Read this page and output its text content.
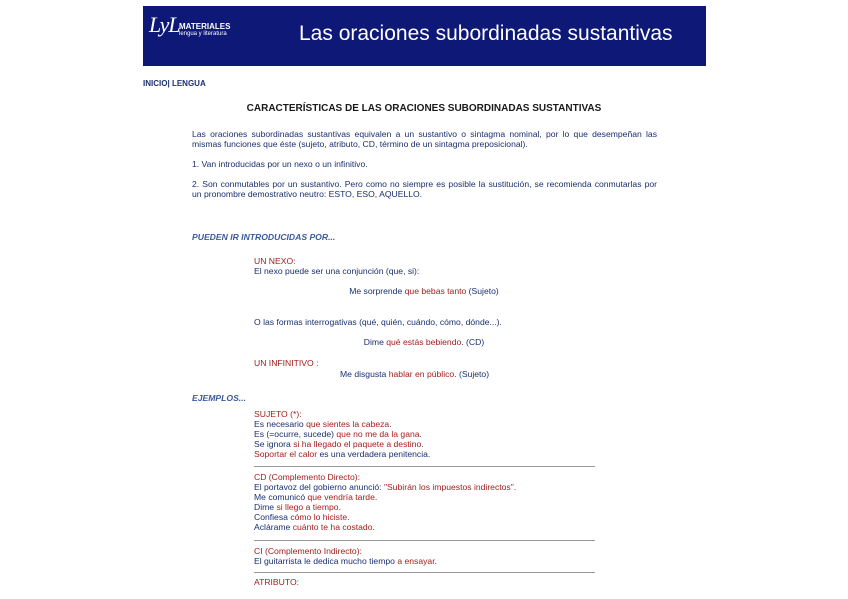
LyL MATERIALES
lengua y literatura	Las oraciones subordinadas sustantivas
INICIO| LENGUA
CARACTERÍSTICAS DE LAS ORACIONES SUBORDINADAS SUSTANTIVAS
Las oraciones subordinadas sustantivas equivalen a un sustantivo o sintagma nominal, por lo que desempeñan las mismas funciones que éste (sujeto, atributo, CD, término de un sintagma preposicional).
1. Van introducidas por un nexo o un infinitivo.
2. Son conmutables por un sustantivo. Pero como no siempre es posible la sustitución, se recomienda conmutarlas por un pronombre demostrativo neutro: ESTO, ESO, AQUELLO.
PUEDEN IR INTRODUCIDAS POR...
UN NEXO:
El nexo puede ser una conjunción (que, si):
Me sorprende que bebas tanto (Sujeto)
O las formas interrogativas (qué, quién, cuándo, cómo, dónde...).
Dime qué estás bebiendo. (CD)
UN INFINITIVO :
Me disgusta hablar en público. (Sujeto)
EJEMPLOS...
SUJETO (*):
Es necesario que sientes la cabeza.
Es (=ocurre, sucede) que no me da la gana.
Se ignora si ha llegado el paquete a destino.
Soportar el calor es una verdadera penitencia.
CD (Complemento Directo):
El portavoz del gobierno anunció: "Subirán los impuestos indirectos".
Me comunicó que vendría tarde.
Dime si llego a tiempo.
Confiesa cómo lo hiciste.
Aclárame cuánto te ha costado.
CI (Complemento Indirecto):
El guitarrista le dedica mucho tiempo a ensayar.
ATRIBUTO:
